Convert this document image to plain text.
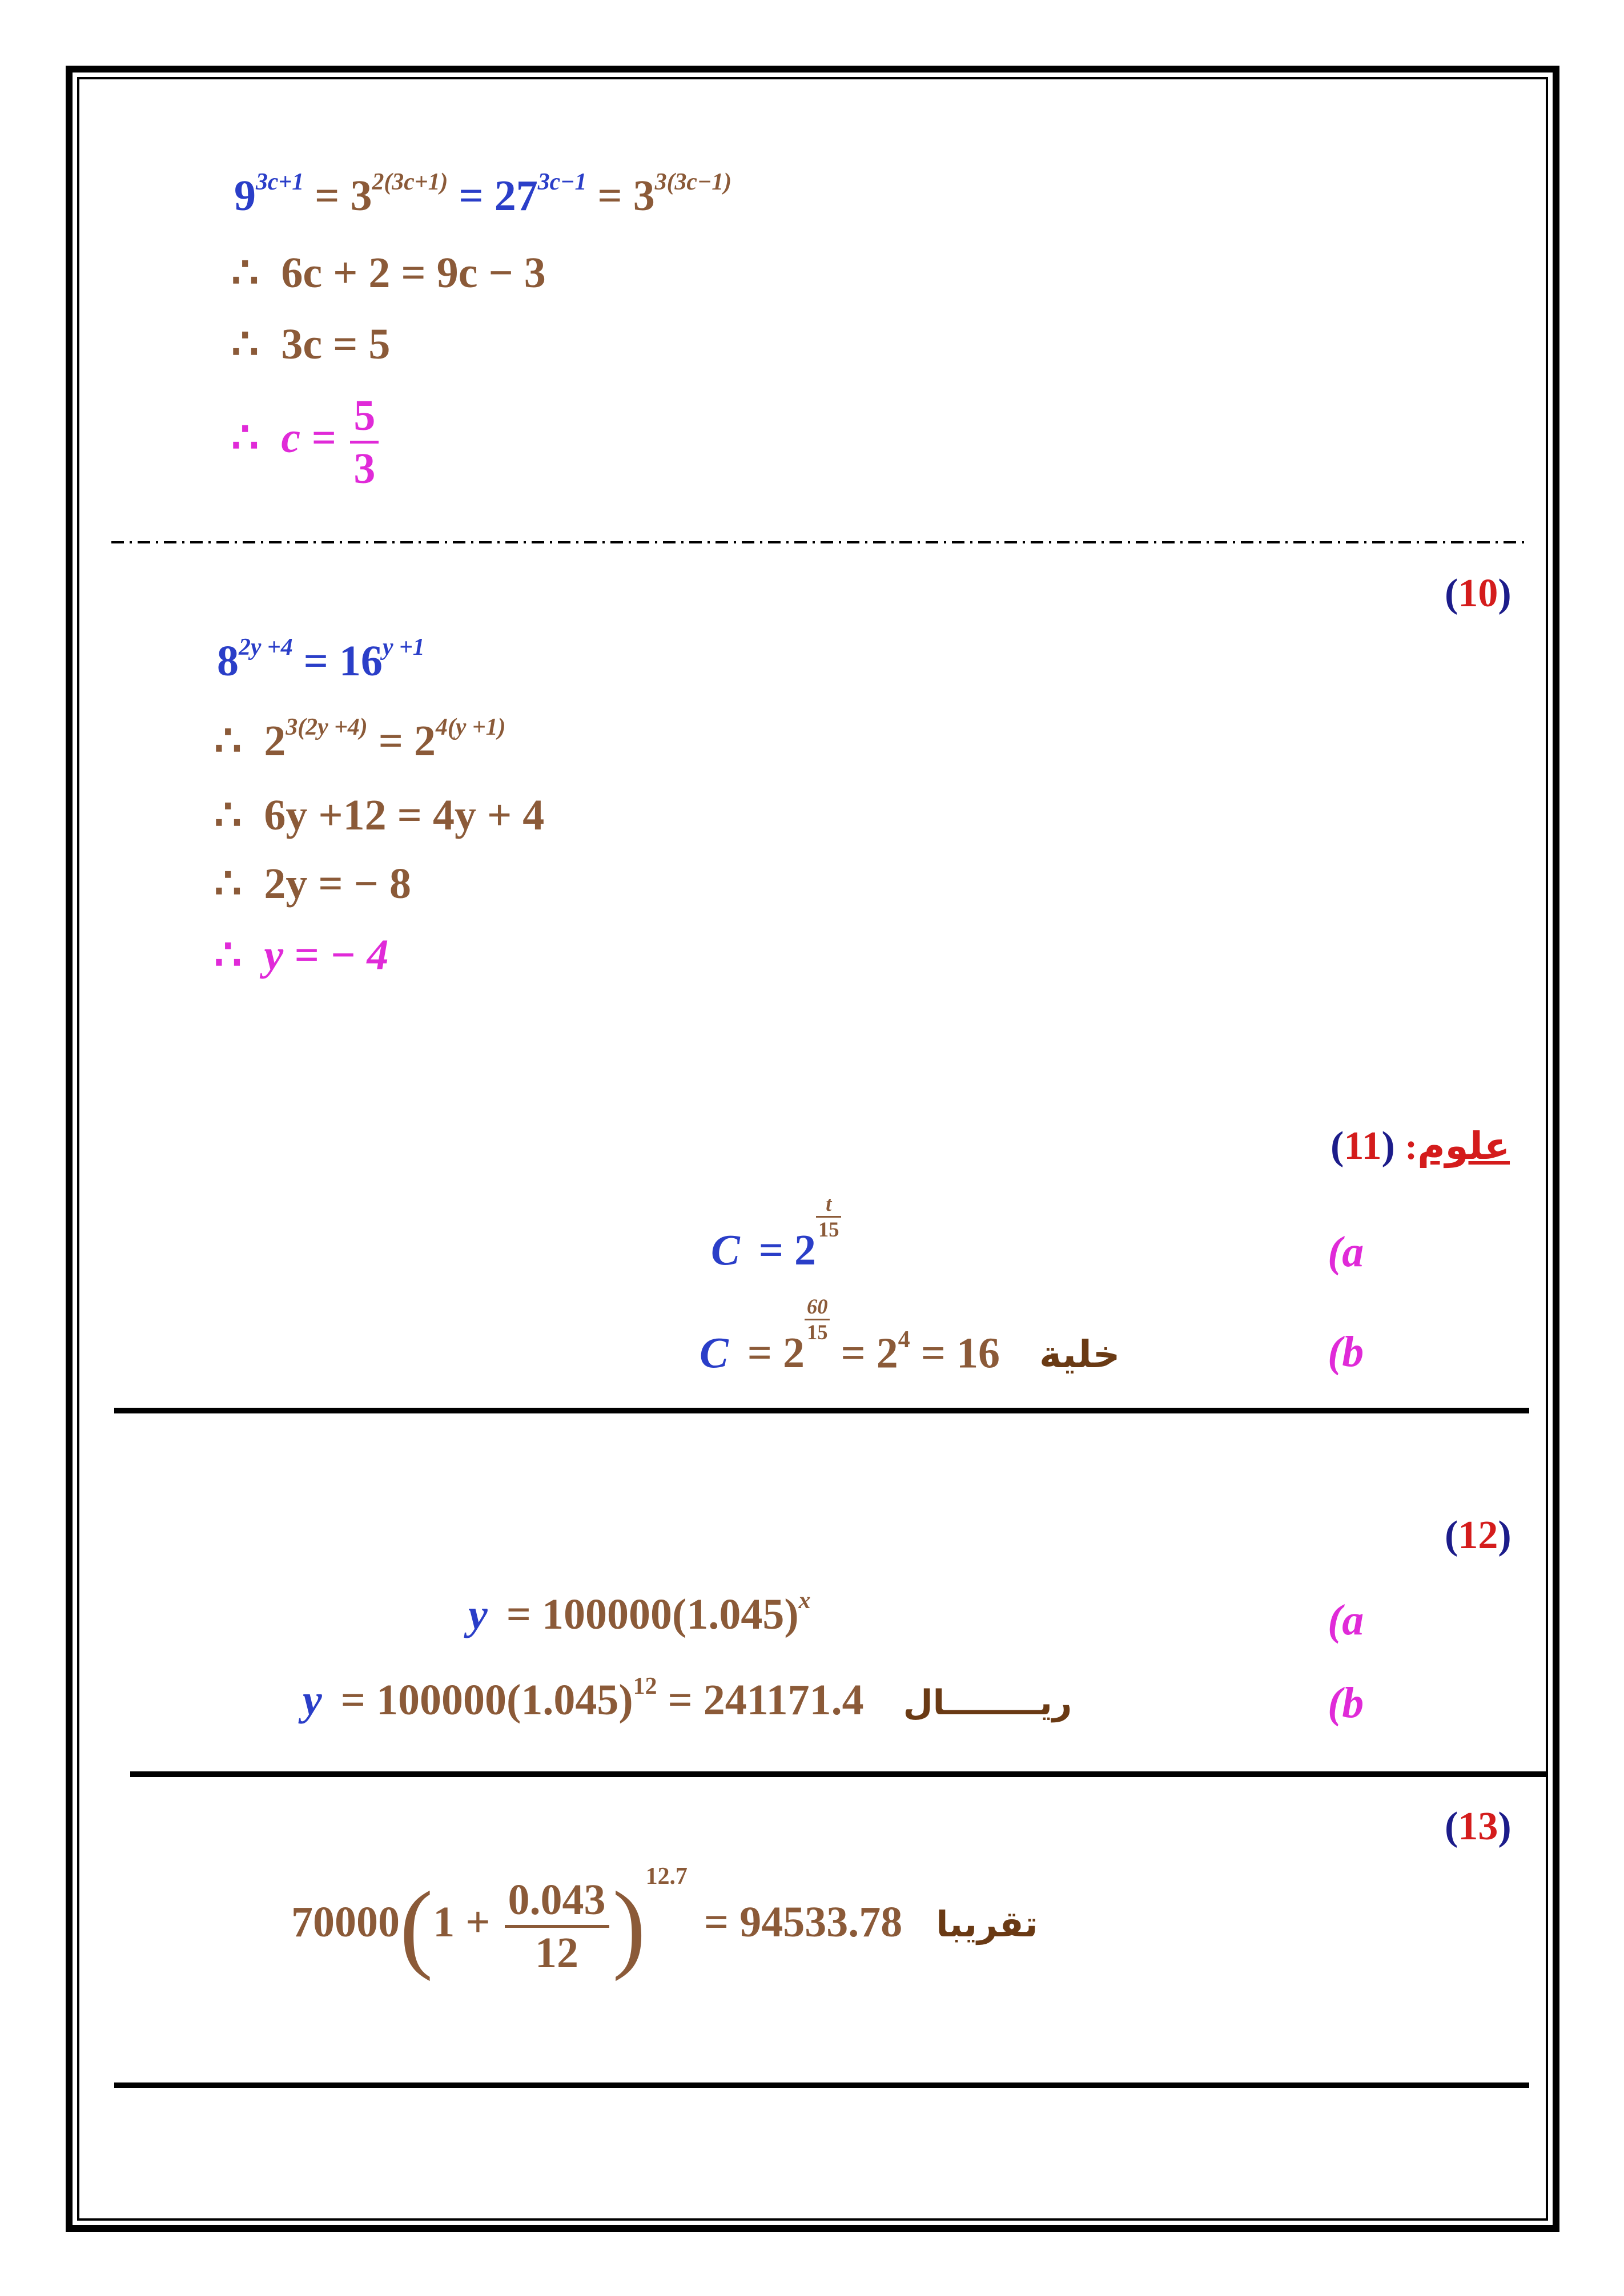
$9^{3c+1} = 3^{2(3c+1)} = 27^{3c-1} = 3^{3(3c-1)}$
∴ 6c + 2 = 9c − 3
∴ 3c = 5
∴ $c = \frac{5}{3}$
(10)
$8^{2y +4} = 16^{y +1}$
∴ $2^{3(2y +4)} = 2^{4(y +1)}$
∴ 6y +12 = 4y + 4
∴ 2y = − 8
∴ y = − 4
علوم: (11)
C = 2
$\frac{t}{15}$
(a
C = 2
$\frac{60}{15}$
= $2^4 = 16$ خلية	(b
(12)
$y = 100000(1.045)^x$	(a
$y = 100000(1.045)^{12} = 241171.4$ ريــــــــال	(b
(13)
$70000(1 + \frac{0.043}{12} )^{12.7} = 94533.78$ تقريبا
